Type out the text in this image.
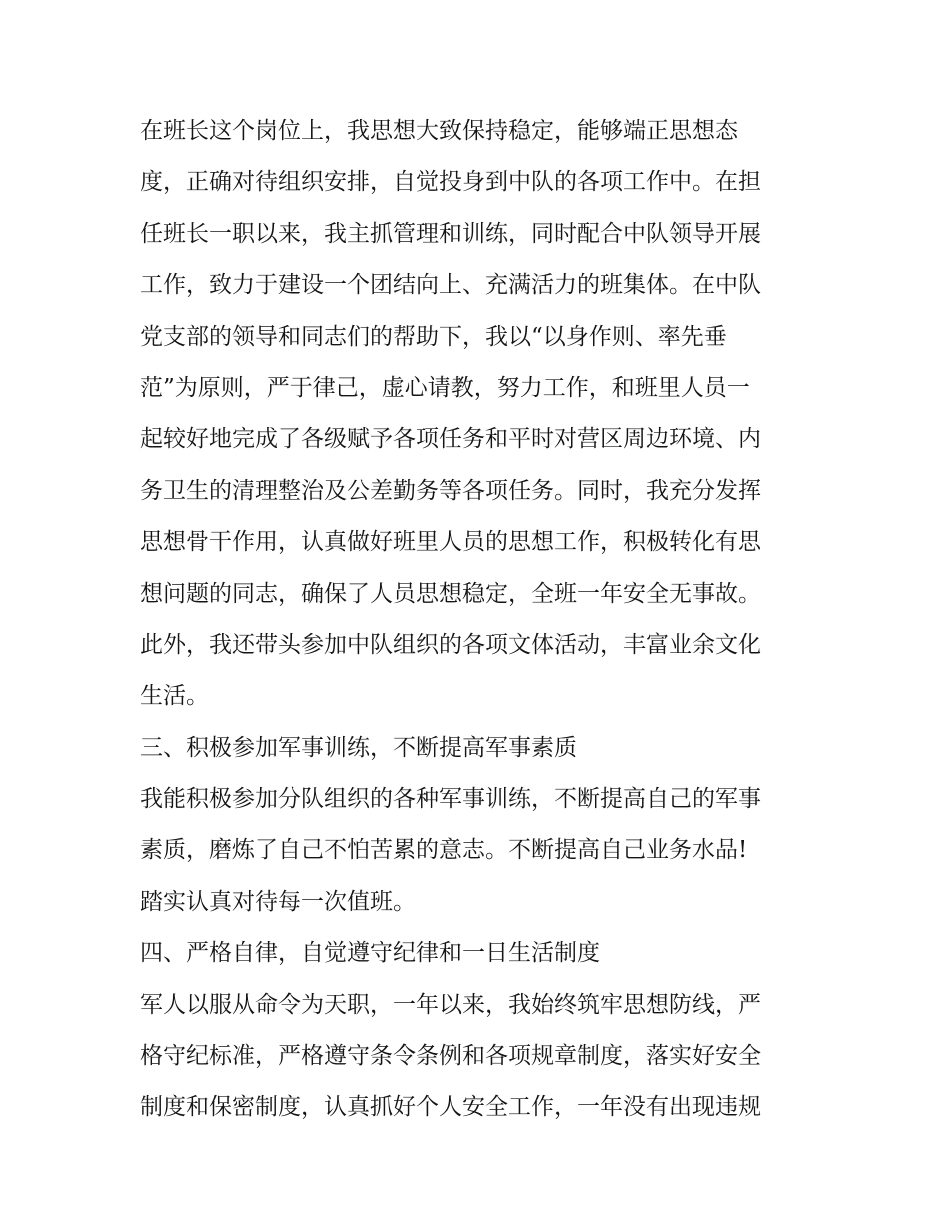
在班长这个岗位上，我思想大致保持稳定，能够端正思想态
度，正确对待组织安排，自觉投身到中队的各项工作中。在担
任班长一职以来，我主抓管理和训练，同时配合中队领导开展
工作，致力于建设一个团结向上、充满活力的班集体。在中队
党支部的领导和同志们的帮助下，我以“以身作则、率先垂
范”为原则，严于律己，虚心请教，努力工作，和班里人员一
起较好地完成了各级赋予各项任务和平时对营区周边环境、内
务卫生的清理整治及公差勤务等各项任务。同时，我充分发挥
思想骨干作用，认真做好班里人员的思想工作，积极转化有思
想问题的同志，确保了人员思想稳定，全班一年安全无事故。
此外，我还带头参加中队组织的各项文体活动，丰富业余文化
生活。
三、积极参加军事训练，不断提高军事素质
我能积极参加分队组织的各种军事训练，不断提高自己的军事
素质，磨炼了自己不怕苦累的意志。不断提高自己业务水品!
踏实认真对待每一次值班。
四、严格自律，自觉遵守纪律和一日生活制度
军人以服从命令为天职，一年以来，我始终筑牢思想防线，严
格守纪标准，严格遵守条令条例和各项规章制度，落实好安全
制度和保密制度，认真抓好个人安全工作，一年没有出现违规
